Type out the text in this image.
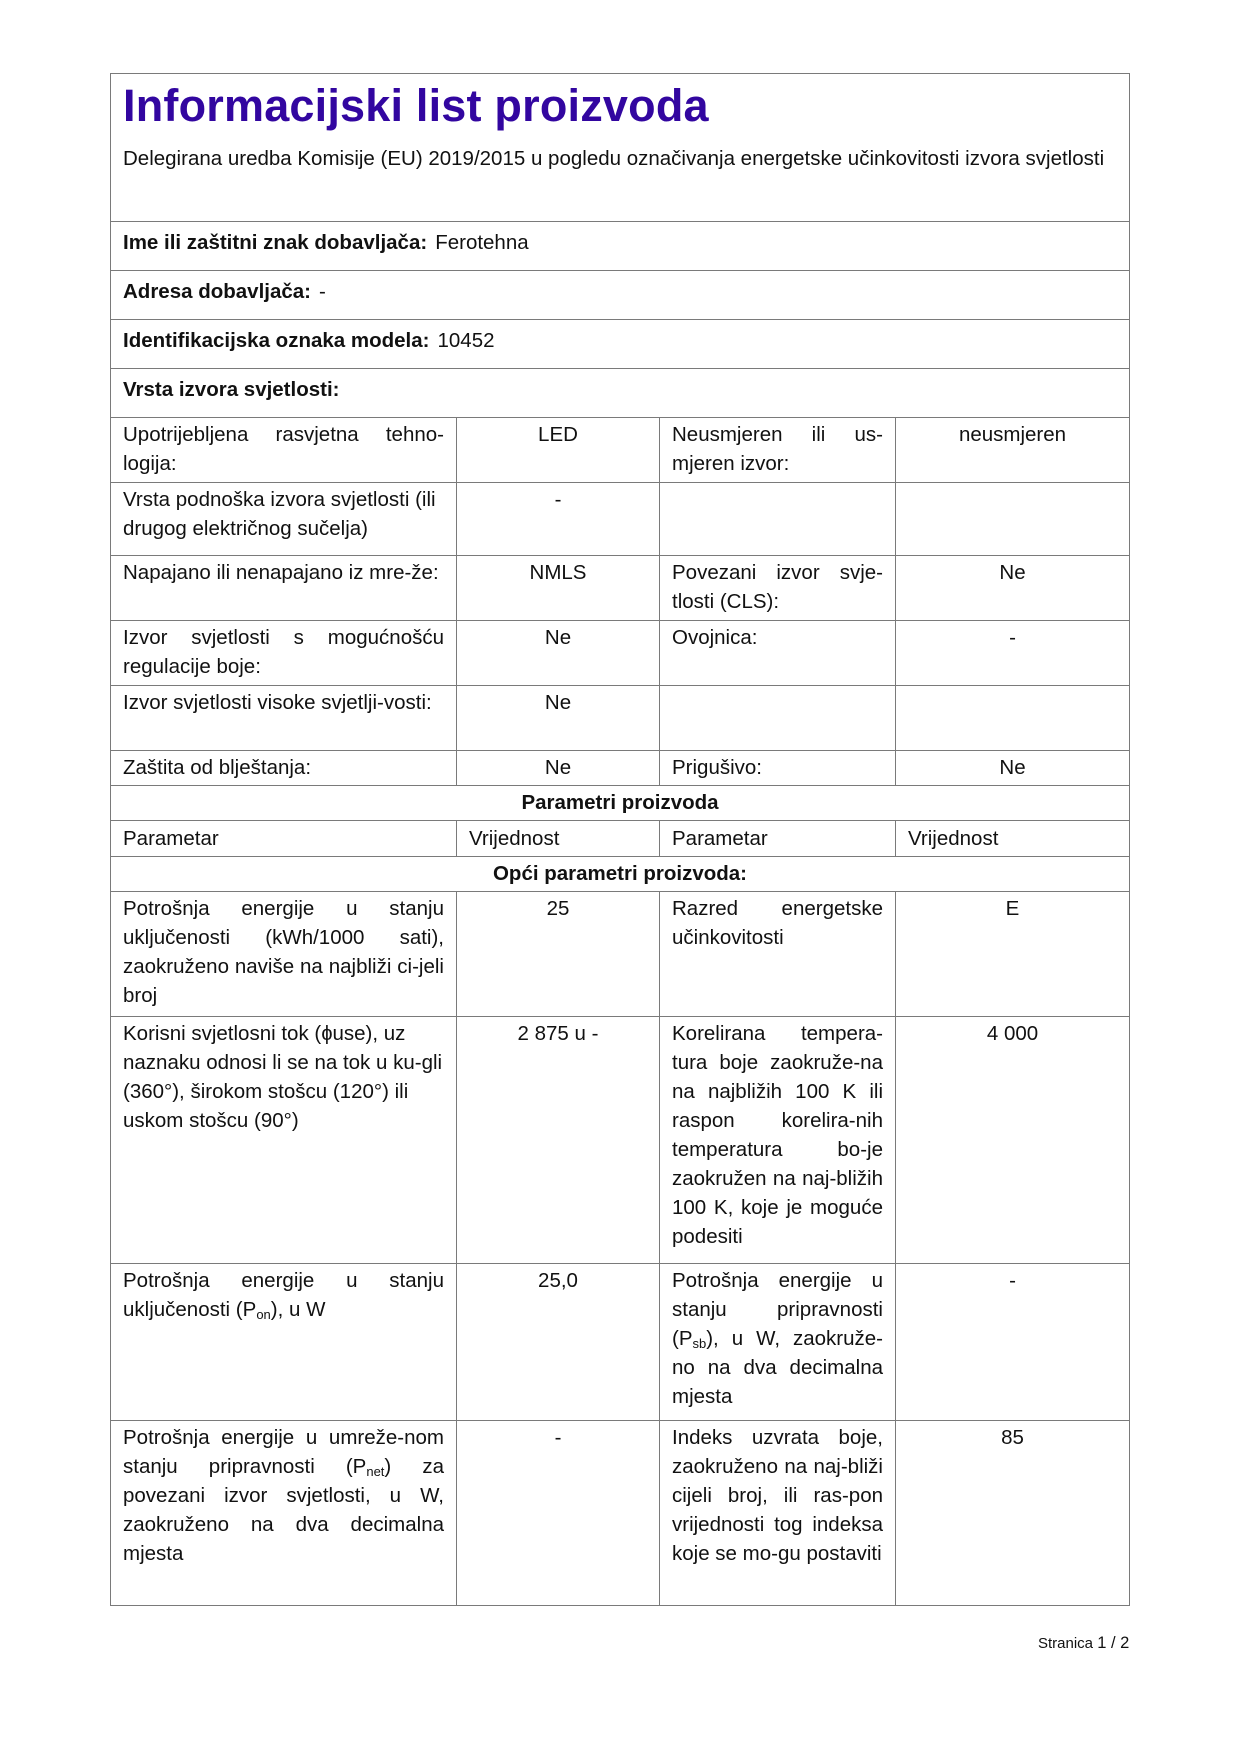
Informacijski list proizvoda
Delegirana uredba Komisije (EU) 2019/2015 u pogledu označivanja energetske učinkovitosti izvora svjetlosti			

Ime ili zaštitni znak dobavljača: Ferotehna			
Adresa dobavljača: -			
Identifikacijska oznaka modela: 10452			
Vrsta izvora svjetlosti:			
Upotrijebljena rasvjetna tehno-logija:	LED	Neusmjeren ili us-mjeren izvor:	neusmjeren
Vrsta podnoška izvora svjetlosti (ili drugog električnog sučelja)	-		
Napajano ili nenapajano iz mre-že:	NMLS	Povezani izvor svje-tlosti (CLS):	Ne
Izvor svjetlosti s mogućnošću regulacije boje:	Ne	Ovojnica:	-
Izvor svjetlosti visoke svjetlji-vosti:	Ne		
Zaštita od blještanja:	Ne	Prigušivo:	Ne
Parametri proizvoda			
Parametar	Vrijednost	Parametar	Vrijednost
Opći parametri proizvoda:			
Potrošnja energije u stanju uključenosti (kWh/1000 sati), zaokruženo naviše na najbliži ci-jeli broj	25	Razred energetske učinkovitosti	E
Korisni svjetlosni tok (ɸuse), uz naznaku odnosi li se na tok u ku-gli (360°), širokom stošcu (120°) ili uskom stošcu (90°)	2 875 u -	Korelirana tempera-tura boje zaokruže-na na najbližih 100 K ili raspon korelira-nih temperatura bo-je zaokružen na naj-bližih 100 K, koje je moguće podesiti	4 000
Potrošnja energije u stanju uključenosti $(P_{on})$, u W	25,0	Potrošnja energije u stanju pripravnosti $(P_{sb})$, u W, zaokruže-no na dva decimalna mjesta	-
Potrošnja energije u umreže-nom stanju pripravnosti $(P_{net})$ za povezani izvor svjetlosti, u W, zaokruženo na dva decimalna mjesta	-	Indeks uzvrata boje, zaokruženo na naj-bliži cijeli broj, ili ras-pon vrijednosti tog indeksa koje se mo-gu postaviti	85
Stranica 1 / 2
